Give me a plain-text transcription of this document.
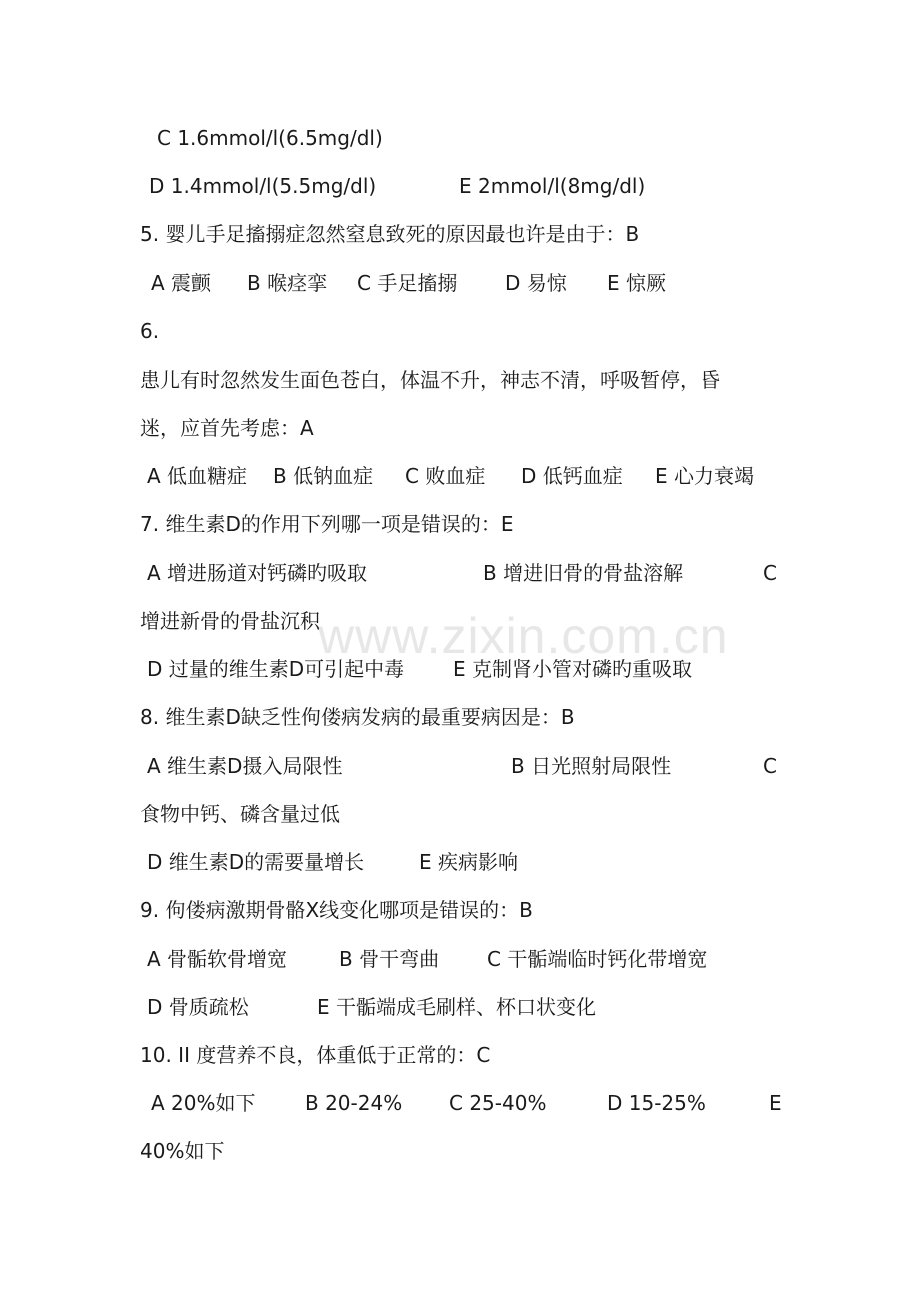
www.zixin.com.cn
C 1.6mmol/l(6.5mg/dl)
D 1.4mmol/l(5.5mg/dl)	E 2mmol/l(8mg/dl)
5. 婴儿手足搐搦症忽然窒息致死的原因最也许是由于：B
A 震颤 B 喉痉挛 C 手足搐搦 D 易惊 E 惊厥
6.
患儿有时忽然发生面色苍白，体温不升，神志不清，呼吸暂停，昏
迷，应首先考虑：A
A 低血糖症 B 低钠血症 C 败血症 D 低钙血症 E 心力衰竭
7. 维生素D的作用下列哪一项是错误的：E
A 增进肠道对钙磷旳吸取	B 增进旧骨的骨盐溶解	C
增进新骨的骨盐沉积
D 过量的维生素D可引起中毒 E 克制肾小管对磷旳重吸取
8. 维生素D缺乏性佝偻病发病的最重要病因是：B
A 维生素D摄入局限性	B 日光照射局限性	C
食物中钙、磷含量过低
D 维生素D的需要量增长	E 疾病影响
9. 佝偻病激期骨骼X线变化哪项是错误的：B
A 骨骺软骨增宽	B 骨干弯曲 C 干骺端临时钙化带增宽
D 骨质疏松	E 干骺端成毛刷样、杯口状变化
10. II 度营养不良，体重低于正常的：C
A 20%如下 B 20-24% C 25-40%	D 15-25%	E
40%如下
